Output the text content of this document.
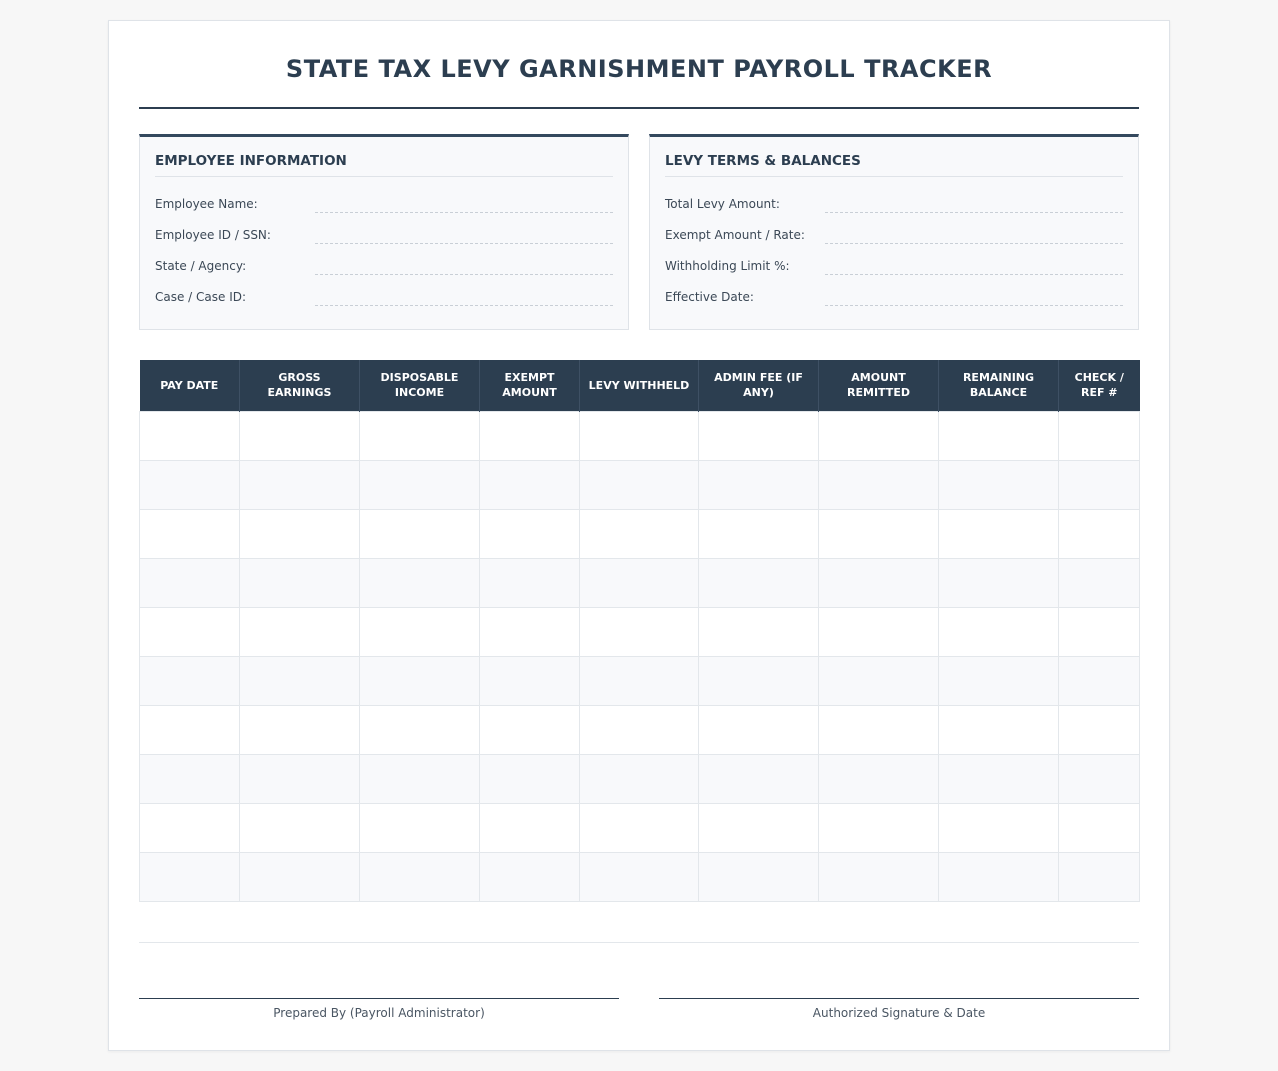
STATE TAX LEVY GARNISHMENT PAYROLL TRACKER
EMPLOYEE INFORMATION
Employee Name:
Employee ID / SSN:
State / Agency:
Case / Case ID:
LEVY TERMS & BALANCES
Total Levy Amount:
Exempt Amount / Rate:
Withholding Limit %:
Effective Date:
PAY DATE	GROSS EARNINGS	DISPOSABLE INCOME	EXEMPT AMOUNT	LEVY WITHHELD	ADMIN FEE (IF ANY)	AMOUNT REMITTED	REMAINING BALANCE	CHECK / REF #

Prepared By (Payroll Administrator)	Authorized Signature & Date
